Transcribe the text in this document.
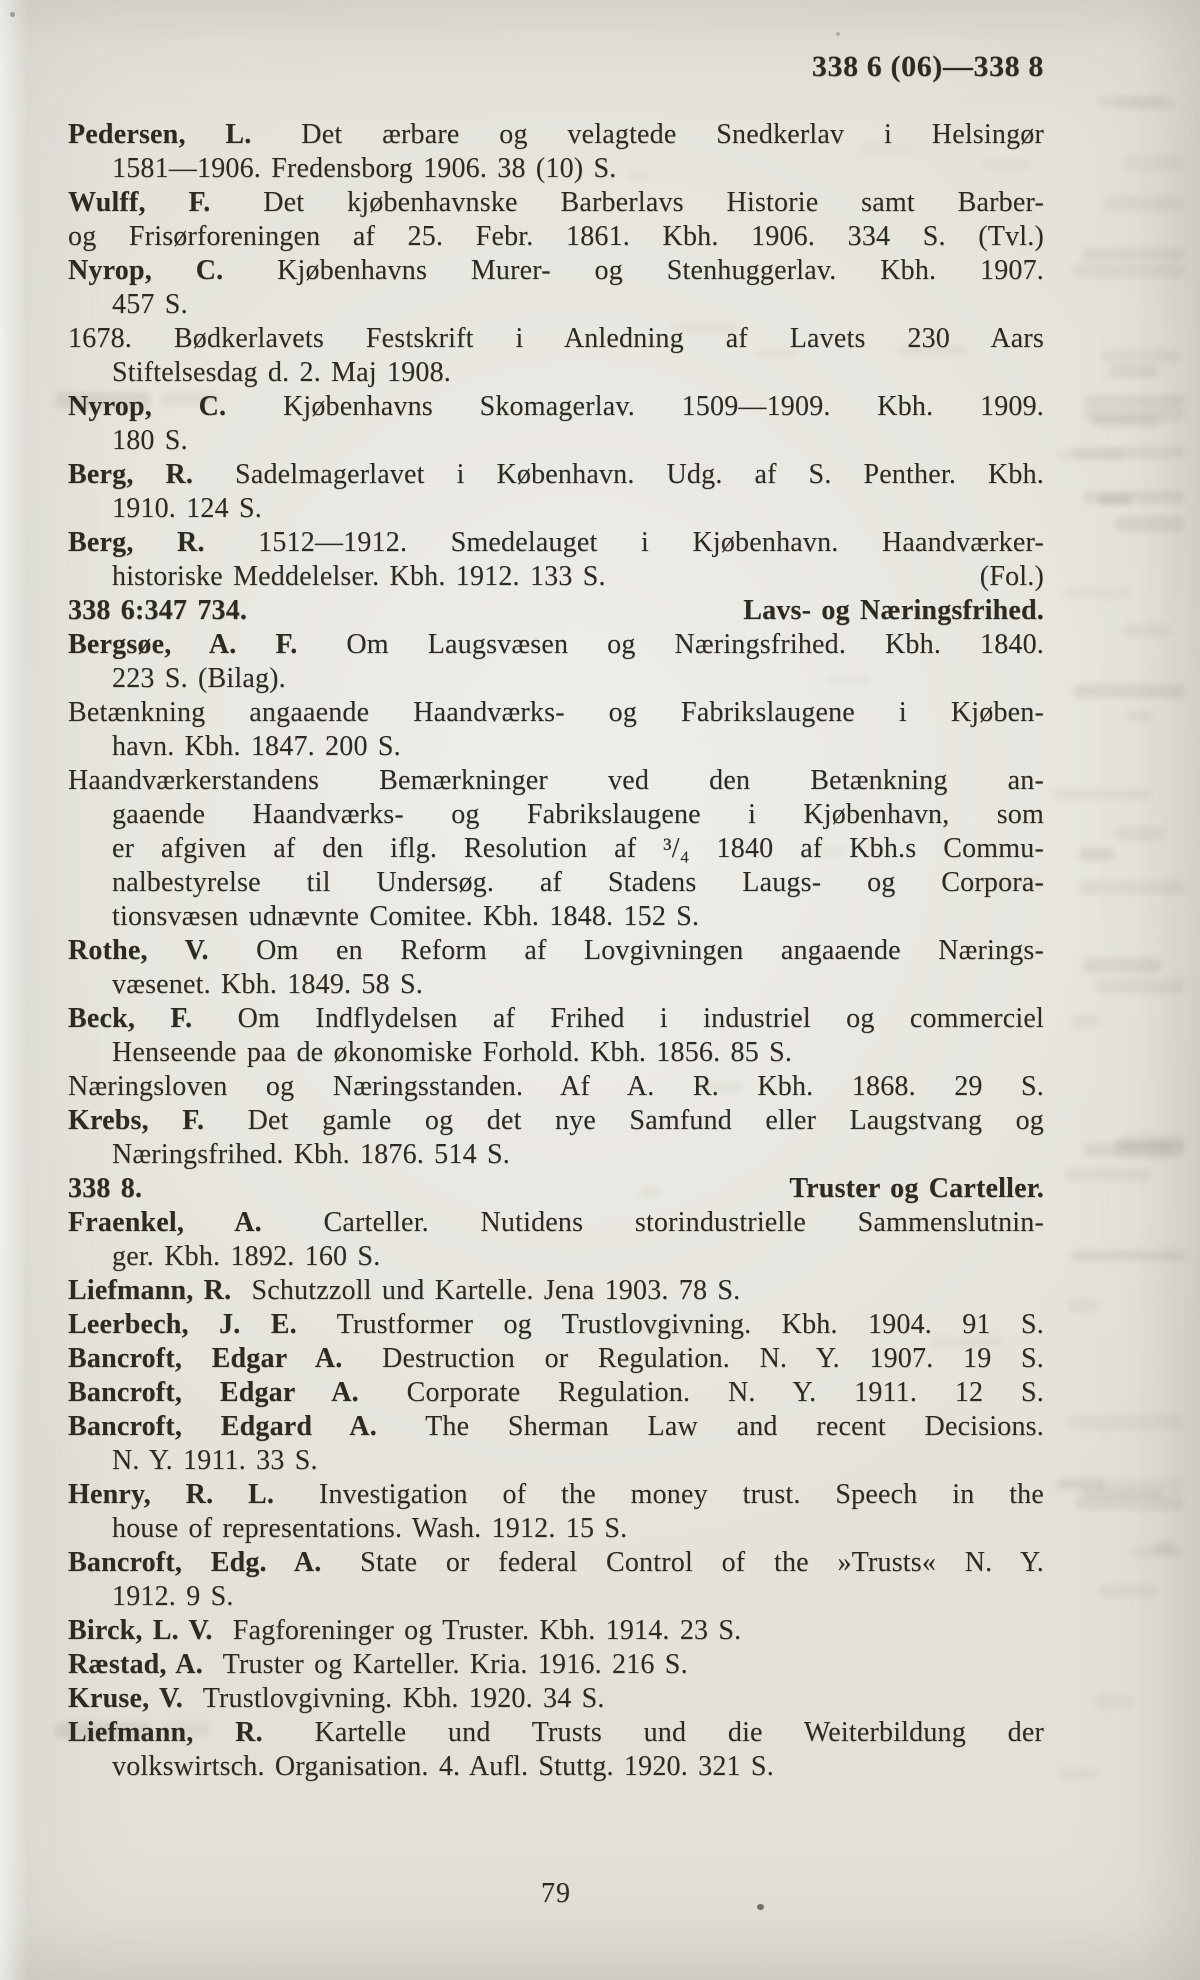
338 6 (06)—338 8
Pedersen, L. Det ærbare og velagtede Snedkerlav i Helsingør
1581—1906. Fredensborg 1906. 38 (10) S.
Wulff, F. Det kjøbenhavnske Barberlavs Historie samt Barber-
og Frisørforeningen af 25. Febr. 1861. Kbh. 1906. 334 S. (Tvl.)
Nyrop, C. Kjøbenhavns Murer- og Stenhuggerlav. Kbh. 1907.
457 S.
1678. Bødkerlavets Festskrift i Anledning af Lavets 230 Aars
Stiftelsesdag d. 2. Maj 1908.
Nyrop, C. Kjøbenhavns Skomagerlav. 1509—1909. Kbh. 1909.
180 S.
Berg, R. Sadelmagerlavet i København. Udg. af S. Penther. Kbh.
1910. 124 S.
Berg, R. 1512—1912. Smedelauget i Kjøbenhavn. Haandværker-
historiske Meddelelser. Kbh. 1912. 133 S.	(Fol.)
338 6:347 734.	Lavs- og Næringsfrihed.
Bergsøe, A. F. Om Laugsvæsen og Næringsfrihed. Kbh. 1840.
223 S. (Bilag).
Betænkning angaaende Haandværks- og Fabrikslaugene i Kjøben-
havn. Kbh. 1847. 200 S.
Haandværkerstandens Bemærkninger ved den Betænkning an-
gaaende Haandværks- og Fabrikslaugene i Kjøbenhavn, som
er afgiven af den iflg. Resolution af ³/₄ 1840 af Kbh.s Commu-
nalbestyrelse til Undersøg. af Stadens Laugs- og Corpora-
tionsvæsen udnævnte Comitee. Kbh. 1848. 152 S.
Rothe, V. Om en Reform af Lovgivningen angaaende Nærings-
væsenet. Kbh. 1849. 58 S.
Beck, F. Om Indflydelsen af Frihed i industriel og commerciel
Henseende paa de økonomiske Forhold. Kbh. 1856. 85 S.
Næringsloven og Næringsstanden. Af A. R. Kbh. 1868. 29 S.
Krebs, F. Det gamle og det nye Samfund eller Laugstvang og
Næringsfrihed. Kbh. 1876. 514 S.
338 8.	Truster og Carteller.
Fraenkel, A. Carteller. Nutidens storindustrielle Sammenslutnin-
ger. Kbh. 1892. 160 S.
Liefmann, R. Schutzzoll und Kartelle. Jena 1903. 78 S.
Leerbech, J. E. Trustformer og Trustlovgivning. Kbh. 1904. 91 S.
Bancroft, Edgar A. Destruction or Regulation. N. Y. 1907. 19 S.
Bancroft, Edgar A. Corporate Regulation. N. Y. 1911. 12 S.
Bancroft, Edgard A. The Sherman Law and recent Decisions.
N. Y. 1911. 33 S.
Henry, R. L. Investigation of the money trust. Speech in the
house of representations. Wash. 1912. 15 S.
Bancroft, Edg. A. State or federal Control of the »Trusts« N. Y.
1912. 9 S.
Birck, L. V. Fagforeninger og Truster. Kbh. 1914. 23 S.
Ræstad, A. Truster og Karteller. Kria. 1916. 216 S.
Kruse, V. Trustlovgivning. Kbh. 1920. 34 S.
Liefmann, R. Kartelle und Trusts und die Weiterbildung der
volkswirtsch. Organisation. 4. Aufl. Stuttg. 1920. 321 S.
79
